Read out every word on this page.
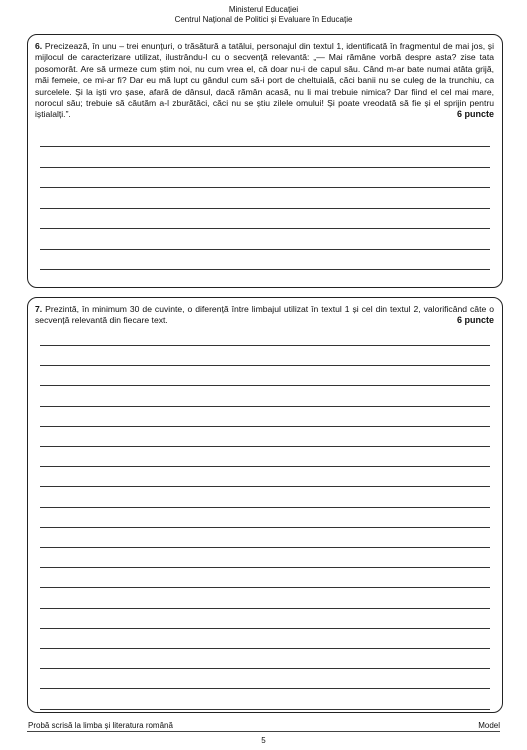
Ministerul Educației
Centrul Național de Politici și Evaluare în Educație
6. Precizează, în unu – trei enunțuri, o trăsătură a tatălui, personajul din textul 1, identificată în fragmentul de mai jos, și mijlocul de caracterizare utilizat, ilustrându-l cu o secvență relevantă: „— Mai rămâne vorbă despre asta? zise tata posomorât. Are să urmeze cum știm noi, nu cum vrea el, că doar nu-i de capul său. Când m-ar bate numai atâta grijă, măi femeie, ce mi-ar fi? Dar eu mă lupt cu gândul cum să-i port de cheltuială, căci banii nu se culeg de la trunchiu, ca surcelele. Și la iști vro șase, afară de dânsul, dacă rămân acasă, nu li mai trebuie nimica? Dar fiind el cel mai mare, norocul său; trebuie să căutăm a-l zburătăci, căci nu se știu zilele omului! Și poate vreodată să fie și el sprijin pentru iștialalți.”.	6 puncte
7. Prezintă, în minimum 30 de cuvinte, o diferență între limbajul utilizat în textul 1 și cel din textul 2, valorificând câte o secvență relevantă din fiecare text.	6 puncte
Probă scrisă la limba și literatura română	Model
5
